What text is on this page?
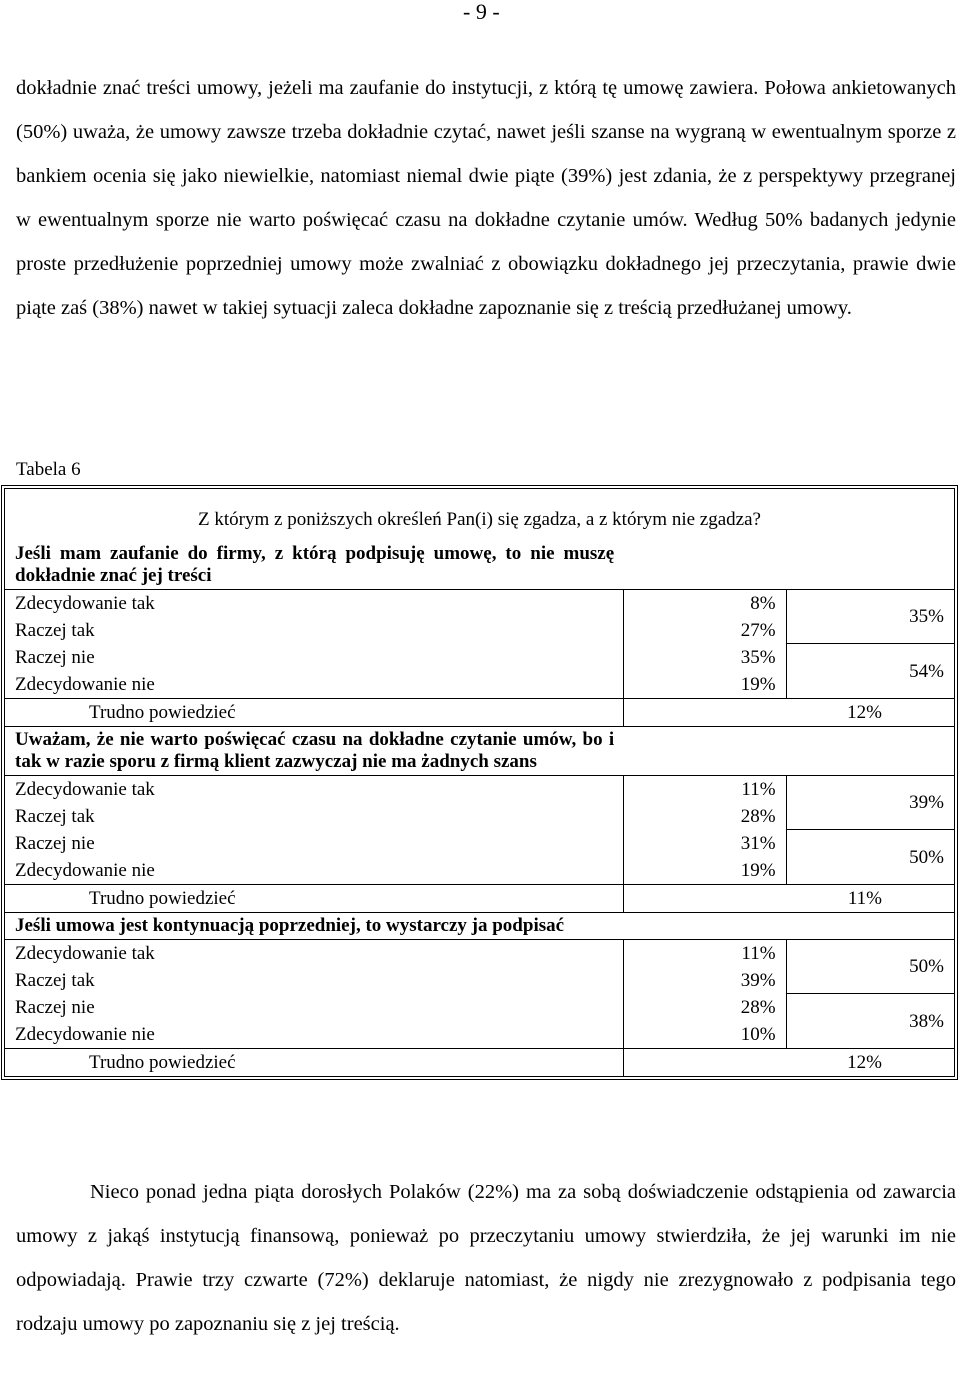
- 9 -

dokładnie znać treści umowy, jeżeli ma zaufanie do instytucji, z którą tę umowę zawiera. Połowa ankietowanych (50%) uważa, że umowy zawsze trzeba dokładnie czytać, nawet jeśli szanse na wygraną w ewentualnym sporze z bankiem ocenia się jako niewielkie, natomiast niemal dwie piąte (39%) jest zdania, że z perspektywy przegranej w ewentualnym sporze nie warto poświęcać czasu na dokładne czytanie umów. Według 50% badanych jedynie proste przedłużenie poprzedniej umowy może zwalniać z obowiązku dokładnego jej przeczytania, prawie dwie piąte zaś (38%) nawet w takiej sytuacji zaleca dokładne zapoznanie się z treścią przedłużanej umowy.

Tabela 6
Z którym z poniższych określeń Pan(i) się zgadza, a z którym nie zgadza?		
Jeśli mam zaufanie do firmy, z którą podpisuję umowę, to nie muszę dokładnie znać jej treści		
Zdecydowanie tak	8%	35%
Raczej tak	27%	
Raczej nie	35%	54%
Zdecydowanie nie	19%	
Trudno powiedzieć	12%	
Uważam, że nie warto poświęcać czasu na dokładne czytanie umów, bo i tak w razie sporu z firmą klient zazwyczaj nie ma żadnych szans		
Zdecydowanie tak	11%	39%
Raczej tak	28%	
Raczej nie	31%	50%
Zdecydowanie nie	19%	
Trudno powiedzieć	11%	
Jeśli umowa jest kontynuacją poprzedniej, to wystarczy ja podpisać		
Zdecydowanie tak	11%	50%
Raczej tak	39%	
Raczej nie	28%	38%
Zdecydowanie nie	10%	
Trudno powiedzieć	12%	

Nieco ponad jedna piąta dorosłych Polaków (22%) ma za sobą doświadczenie odstąpienia od zawarcia umowy z jakąś instytucją finansową, ponieważ po przeczytaniu umowy stwierdziła, że jej warunki im nie odpowiadają. Prawie trzy czwarte (72%) deklaruje natomiast, że nigdy nie zrezygnowało z podpisania tego rodzaju umowy po zapoznaniu się z jej treścią.
